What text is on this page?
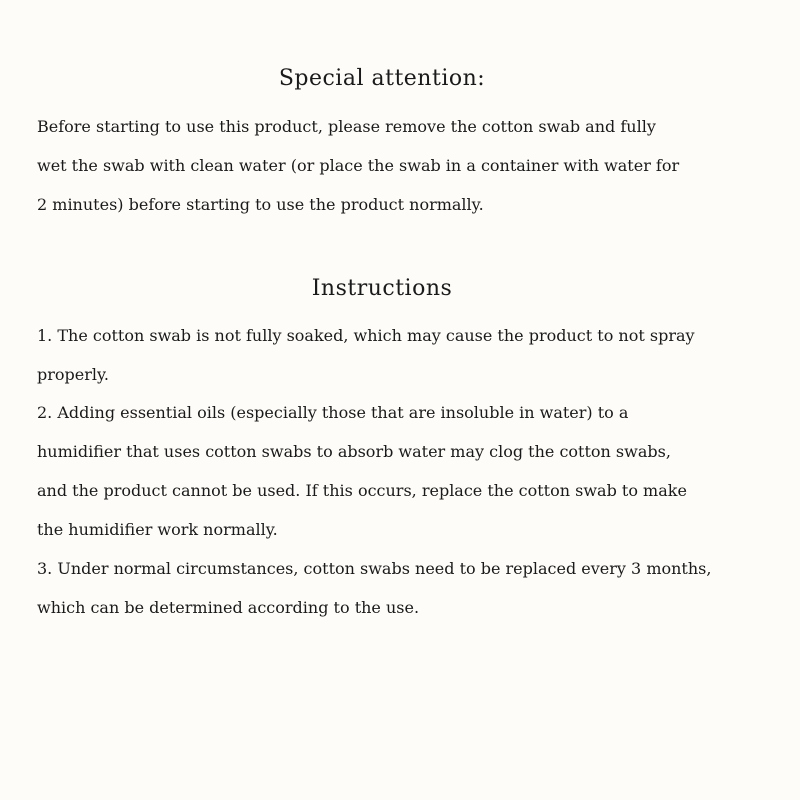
Special attention:
Before starting to use this product, please remove the cotton swab and fully
wet the swab with clean water (or place the swab in a container with water for
2 minutes) before starting to use the product normally.
Instructions
1. The cotton swab is not fully soaked, which may cause the product to not spray
properly.
2. Adding essential oils (especially those that are insoluble in water) to a
humidifier that uses cotton swabs to absorb water may clog the cotton swabs,
and the product cannot be used. If this occurs, replace the cotton swab to make
the humidifier work normally.
3. Under normal circumstances, cotton swabs need to be replaced every 3 months,
which can be determined according to the use.
